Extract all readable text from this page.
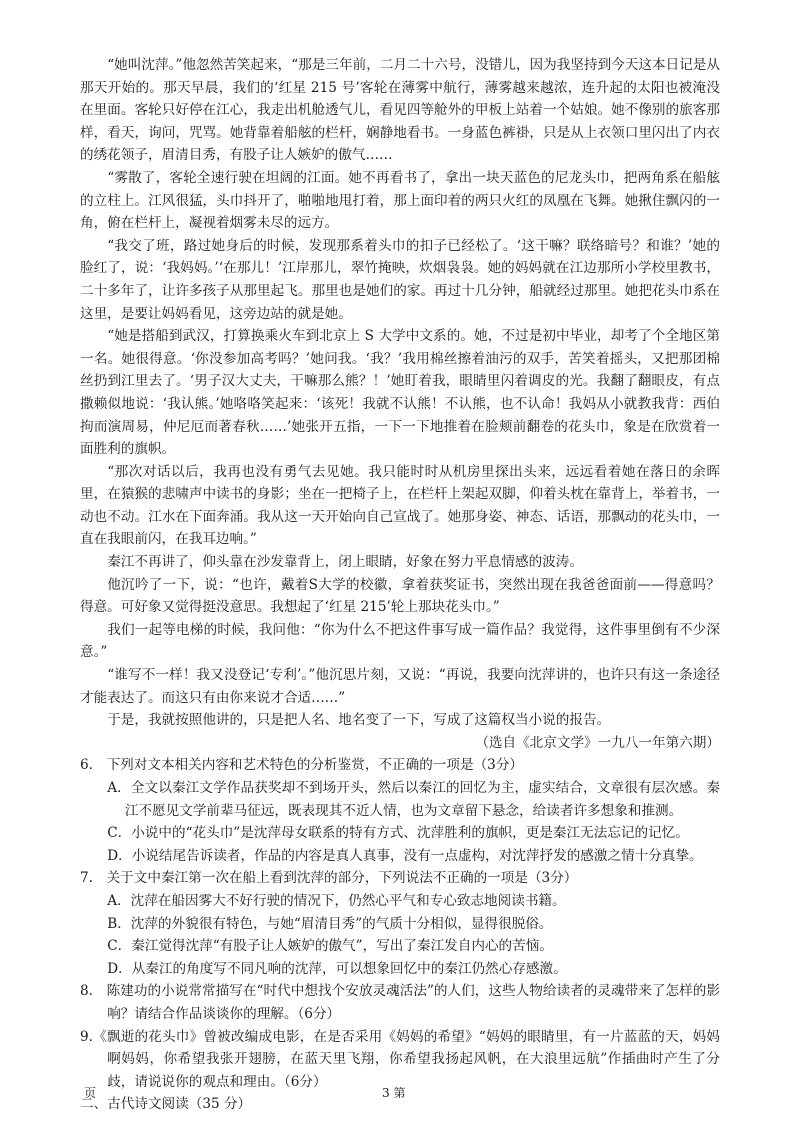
“她叫沈萍。”他忽然苦笑起来，“那是三年前，二月二十六号，没错儿，因为我坚持到今天这本日记是从那天开始的。那天早晨，我们的‘红星 215 号’客轮在薄雾中航行，薄雾越来越浓，连升起的太阳也被淹没在里面。客轮只好停在江心，我走出机舱透气儿，看见四等舱外的甲板上站着一个姑娘。她不像别的旅客那样，看天，询问，咒骂。她背靠着船舷的栏杆，娴静地看书。一身蓝色裤褂，只是从上衣领口里闪出了内衣的绣花领子，眉清目秀，有股子让人嫉妒的傲气……

“雾散了，客轮全速行驶在坦阔的江面。她不再看书了，拿出一块天蓝色的尼龙头巾，把两角系在船舷的立柱上。江风很猛，头巾抖开了，啪啪地甩打着，那上面印着的两只火红的凤凰在飞舞。她揪住飘闪的一角，俯在栏杆上，凝视着烟雾未尽的远方。

“我交了班，路过她身后的时候，发现那系着头巾的扣子已经松了。‘这干嘛？联络暗号？和谁？’她的脸红了，说：‘我妈妈。’‘在那儿！’江岸那儿，翠竹掩映，炊烟袅袅。她的妈妈就在江边那所小学校里教书，二十多年了，让许多孩子从那里起飞。那里也是她们的家。再过十几分钟，船就经过那里。她把花头巾系在这里，是要让妈妈看见，这旁边站的就是她。

“她是搭船到武汉，打算换乘火车到北京上 S 大学中文系的。她，不过是初中毕业，却考了个全地区第一名。她很得意。‘你没参加高考吗？’她问我。‘我？’我用棉丝擦着油污的双手，苦笑着摇头，又把那团棉丝扔到江里去了。‘男子汉大丈夫，干嘛那么熊？！’她盯着我，眼睛里闪着调皮的光。我翻了翻眼皮，有点撒赖似地说：‘我认熊。’她咯咯笑起来：‘该死！我就不认熊！不认熊，也不认命！我妈从小就教我背：西伯拘而演周易，仲尼厄而著春秋……’她张开五指，一下一下地推着在脸颊前翻卷的花头巾，象是在欣赏着一面胜利的旗帜。

“那次对话以后，我再也没有勇气去见她。我只能时时从机房里探出头来，远远看着她在落日的余晖里，在猿猴的悲啸声中读书的身影；坐在一把椅子上，在栏杆上架起双脚，仰着头枕在靠背上，举着书，一动也不动。江水在下面奔涌。我从这一天开始向自己宣战了。她那身姿、神态、话语，那飘动的花头巾，一直在我眼前闪，在我耳边响。”

秦江不再讲了，仰头靠在沙发靠背上，闭上眼睛，好象在努力平息情感的波涛。

他沉吟了一下，说：“也许，戴着S大学的校徽，拿着获奖证书，突然出现在我爸爸面前——得意吗？得意。可好象又觉得挺没意思。我想起了‘红星 215’轮上那块花头巾。”

我们一起等电梯的时候，我问他：“你为什么不把这件事写成一篇作品？我觉得，这件事里倒有不少深意。”

“谁写不一样！我又没登记‘专利’。”他沉思片刻，又说：“再说，我要向沈萍讲的，也许只有这一条途径才能表达了。而这只有由你来说才合适……”

于是，我就按照他讲的，只是把人名、地名变了一下，写成了这篇权当小说的报告。

（选自《北京文学》一九八一年第六期）

6.　下列对文本相关内容和艺术特色的分析鉴赏，不正确的一项是（3分）

A．全文以秦江文学作品获奖却不到场开头，然后以秦江的回忆为主，虚实结合，文章很有层次感。秦江不愿见文学前辈马征远，既表现其不近人情，也为文章留下悬念，给读者许多想象和推测。

C．小说中的“花头巾”是沈萍母女联系的特有方式、沈萍胜利的旗帜，更是秦江无法忘记的记忆。

D．小说结尾告诉读者，作品的内容是真人真事，没有一点虚构，对沈萍抒发的感激之情十分真挚。

7.　关于文中秦江第一次在船上看到沈萍的部分，下列说法不正确的一项是（3分）

A．沈萍在船因雾大不好行驶的情况下，仍然心平气和专心致志地阅读书籍。

B．沈萍的外貌很有特色，与她“眉清目秀”的气质十分相似，显得很脱俗。

C．秦江觉得沈萍“有股子让人嫉妒的傲气”，写出了秦江发自内心的苦恼。

D．从秦江的角度写不同凡响的沈萍，可以想象回忆中的秦江仍然心存感激。

8.　陈建功的小说常常描写在“时代中想找个安放灵魂活法”的人们，这些人物给读者的灵魂带来了怎样的影响？请结合作品谈谈你的理解。（6分）

9.《飘逝的花头巾》曾被改编成电影，在是否采用《妈妈的希望》“妈妈的眼睛里，有一片蓝蓝的天，妈妈啊妈妈，你希望我张开翅膀，在蓝天里飞翔，你希望我扬起风帆，在大浪里远航”作插曲时产生了分歧，请说说你的观点和理由。（6分）

二、古代诗文阅读（35 分）

页	3 第
